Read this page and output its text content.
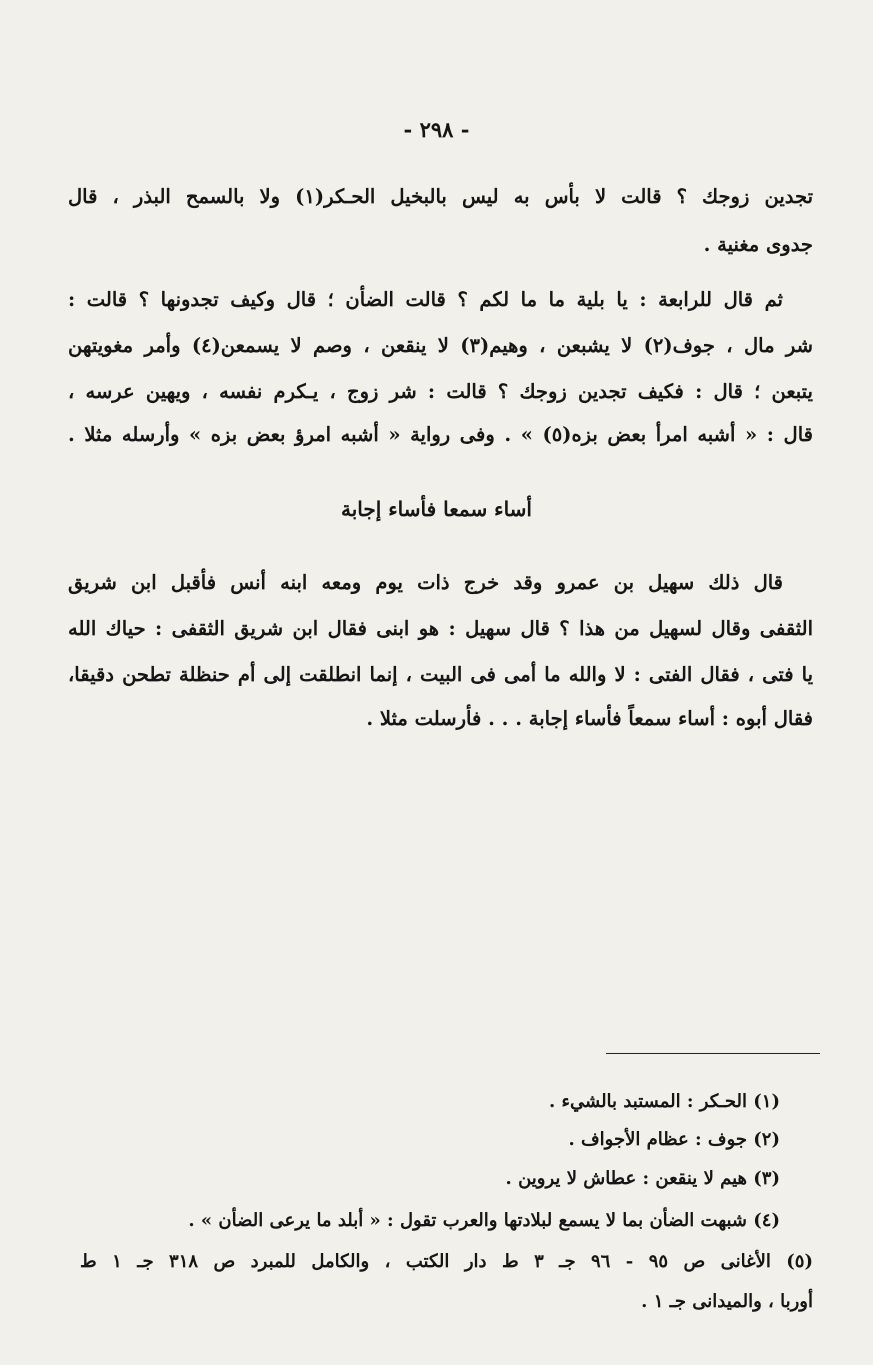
- ٢٩٨ -
تجدين زوجك ؟ قالت لا بأس به ليس بالبخيل الحـكر(١) ولا بالسمح البذر ، قال
جدوى مغنية .
ثم قال للرابعة : يا بلية ما ما لكم ؟ قالت الضأن ؛ قال وكيف تجدونها ؟ قالت :
شر مال ، جوف(٢) لا يشبعن ، وهيم(٣) لا ينقعن ، وصم لا يسمعن(٤) وأمر مغويتهن
يتبعن ؛ قال : فكيف تجدين زوجك ؟ قالت : شر زوج ، يـكرم نفسه ، ويهين عرسه ،
قال : « أشبه امرأ بعض بزه(٥) » . وفى رواية « أشبه امرؤ بعض بزه » وأرسله مثلا .
أساء سمعا فأساء إجابة
قال ذلك سهيل بن عمرو وقد خرج ذات يوم ومعه ابنه أنس فأقبل ابن شريق
الثقفى وقال لسهيل من هذا ؟ قال سهيل : هو ابنى فقال ابن شريق الثقفى : حياك الله
يا فتى ، فقال الفتى : لا والله ما أمى فى البيت ، إنما انطلقت إلى أم حنظلة تطحن دقيقا،
فقال أبوه : أساء سمعاً فأساء إجابة . . . فأرسلت مثلا .
(١) الحـكر : المستبد بالشيء .
(٢) جوف : عظام الأجواف .
(٣) هيم لا ينقعن : عطاش لا يروين .
(٤) شبهت الضأن بما لا يسمع لبلادتها والعرب تقول : « أبلد ما يرعى الضأن » .
(٥) الأغانى ص ٩٥ - ٩٦ جـ ٣ ط دار الكتب ، والكامل للمبرد ص ٣١٨ جـ ١ ط
أوربا ، والميدانى جـ ١ .
